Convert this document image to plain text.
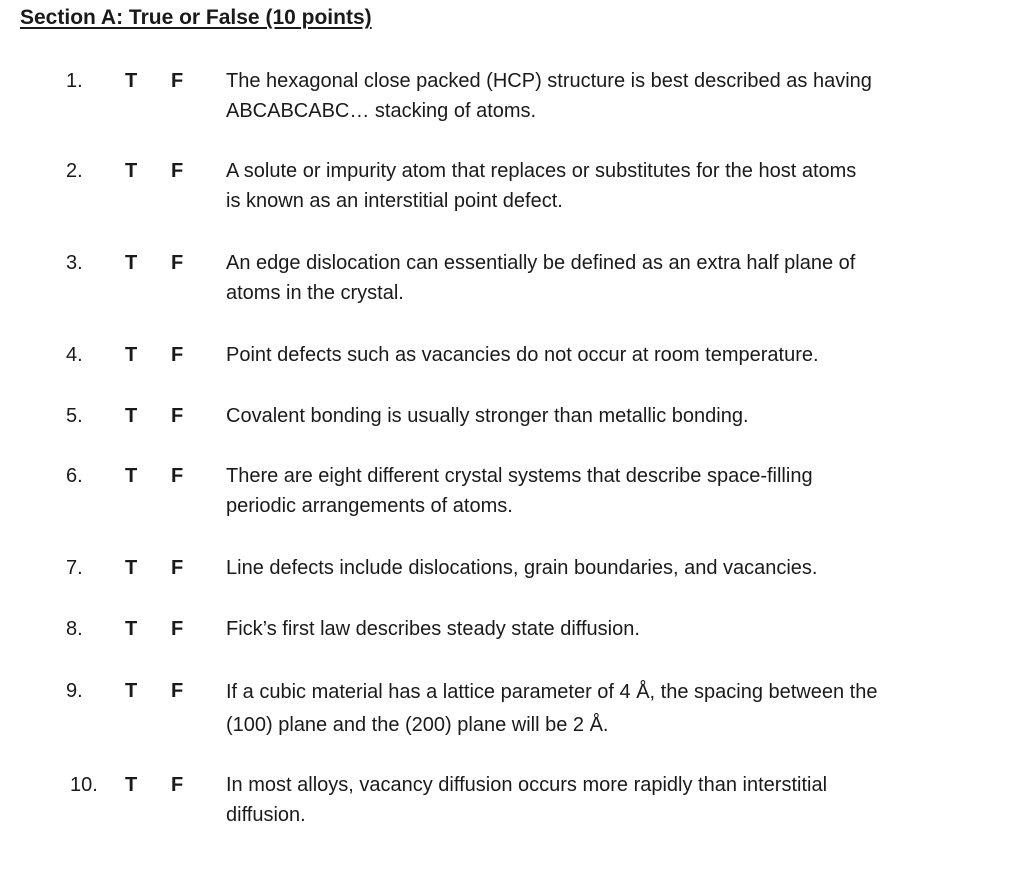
Section A: True or False (10 points)
1. T F The hexagonal close packed (HCP) structure is best described as having
ABCABCABC… stacking of atoms.
2. T F A solute or impurity atom that replaces or substitutes for the host atoms
is known as an interstitial point defect.
3. T F An edge dislocation can essentially be defined as an extra half plane of
atoms in the crystal.
4. T F Point defects such as vacancies do not occur at room temperature.
5. T F Covalent bonding is usually stronger than metallic bonding.
6. T F There are eight different crystal systems that describe space-filling
periodic arrangements of atoms.
7. T F Line defects include dislocations, grain boundaries, and vacancies.
8. T F Fick’s first law describes steady state diffusion.
9. T F If a cubic material has a lattice parameter of 4 Å, the spacing between the
(100) plane and the (200) plane will be 2 Å.
10. T F In most alloys, vacancy diffusion occurs more rapidly than interstitial
diffusion.
